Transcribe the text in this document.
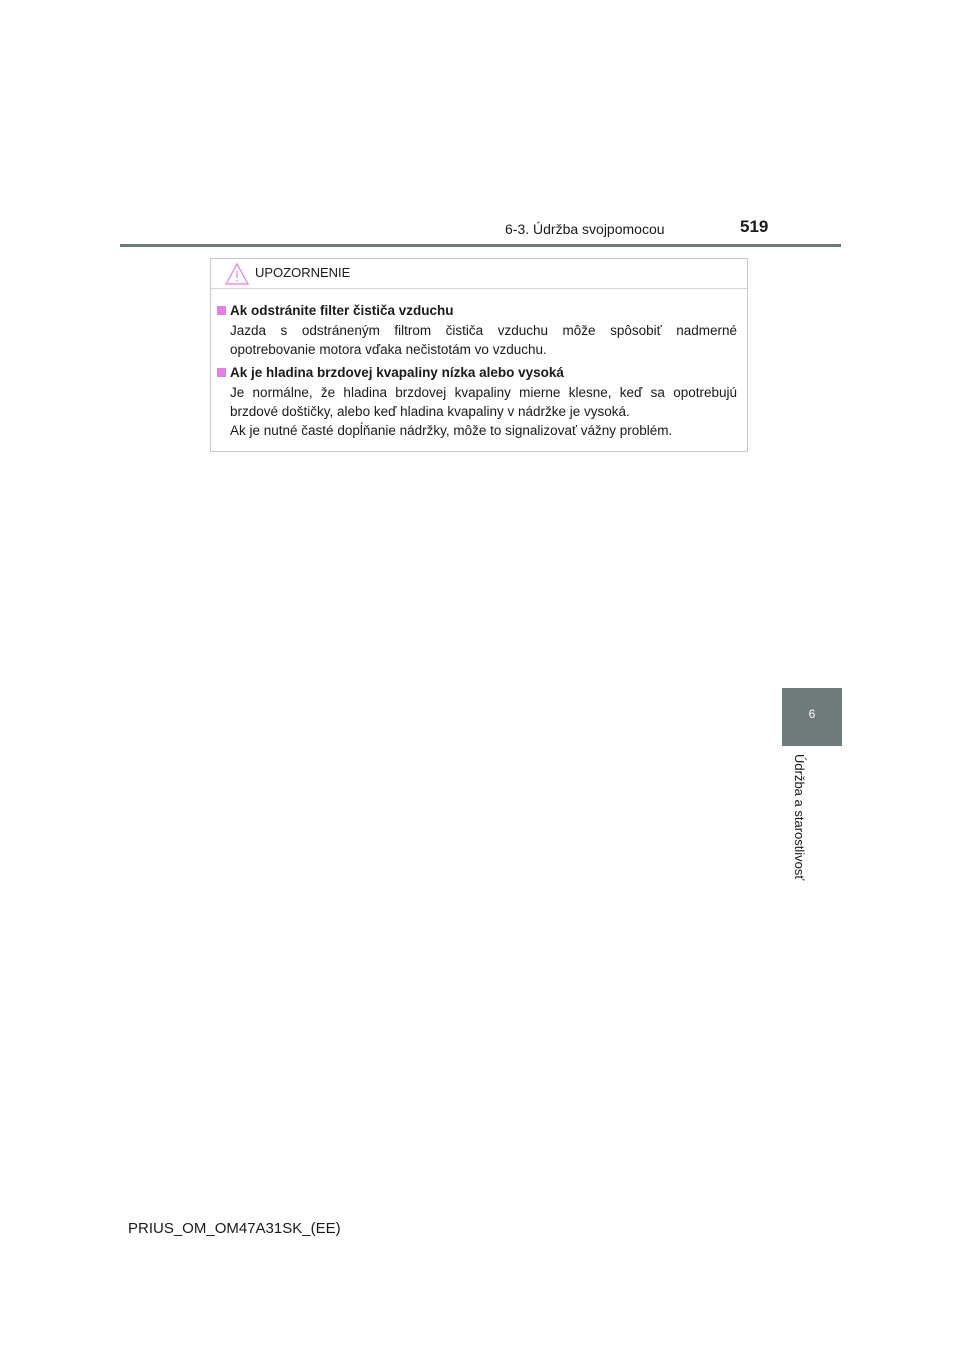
6-3. Údržba svojpomocou	519
UPOZORNENIE
Ak odstránite filter čističa vzduchu
Jazda s odstráneným filtrom čističa vzduchu môže spôsobiť nadmerné opotrebovanie motora vďaka nečistotám vo vzduchu.
Ak je hladina brzdovej kvapaliny nízka alebo vysoká
Je normálne, že hladina brzdovej kvapaliny mierne klesne, keď sa opotrebujú brzdové doštičky, alebo keď hladina kvapaliny v nádržke je vysoká.
Ak je nutné časté dopĺňanie nádržky, môže to signalizovať vážny problém.
6
Údržba a starostlivosť
PRIUS_OM_OM47A31SK_(EE)
